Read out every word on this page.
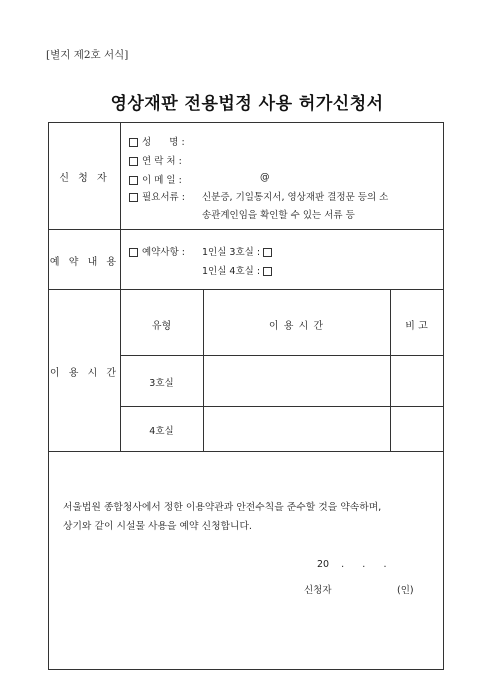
[별지 제2호 서식]
영상재판 전용법정 사용 허가신청서
신 청 자
성      명 :
연 락 처 :
이 메 일 :	@
필요서류 : 신분증, 기일통지서, 영상재판 결정문 등의 소
송관계인임을 확인할 수 있는 서류 등
예 약 내 용
예약사항 : 1인실 3호실 :
1인실 4호실 :
이 용 시 간
유형	이 용 시 간	비 고
3호실
4호실
서울법원 종합청사에서 정한 이용약관과 안전수칙을 준수할 것을 약속하며,
상기와 같이 시설물 사용을 예약 신청합니다.
20    .      .      .
신청자	(인)
